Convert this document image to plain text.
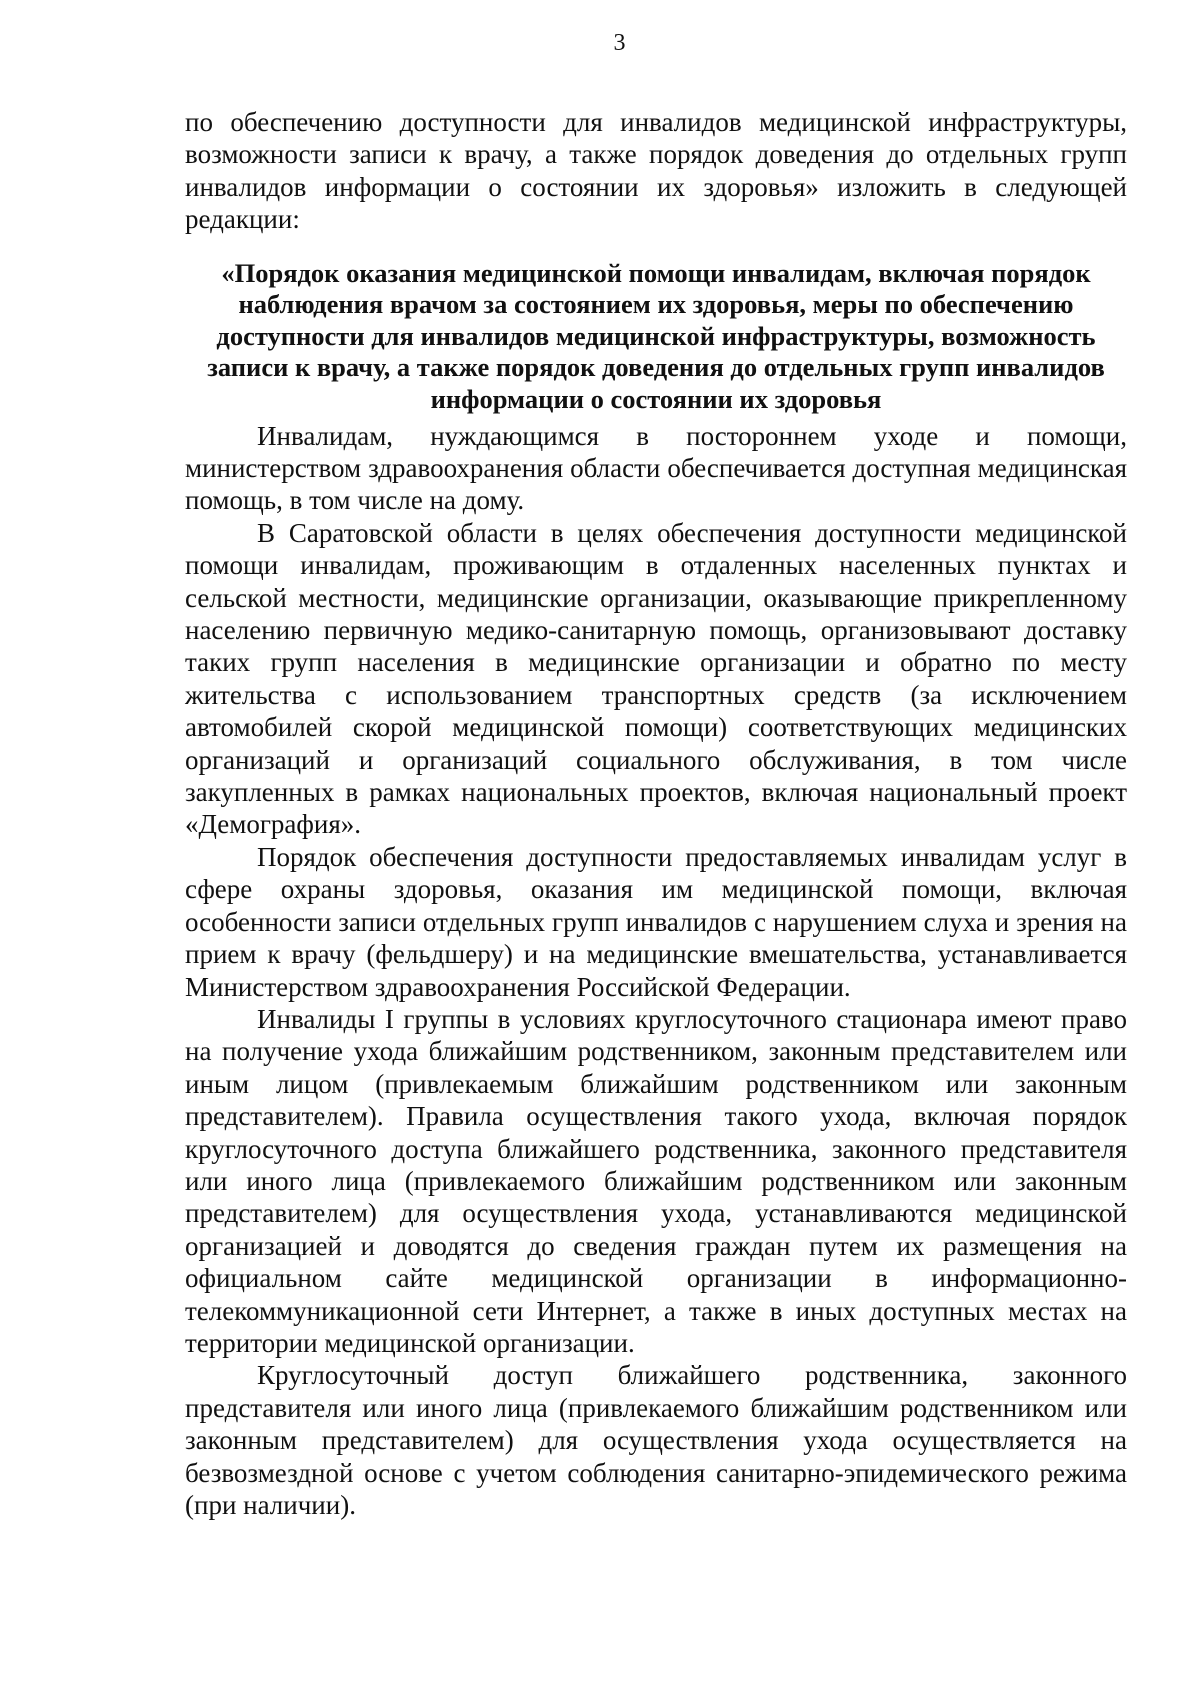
3

по обеспечению доступности для инвалидов медицинской инфраструктуры, возможности записи к врачу, а также порядок доведения до отдельных групп инвалидов информации о состоянии их здоровья» изложить в следующей редакции:

«Порядок оказания медицинской помощи инвалидам, включая порядок наблюдения врачом за состоянием их здоровья, меры по обеспечению доступности для инвалидов медицинской инфраструктуры, возможность записи к врачу, а также порядок доведения до отдельных групп инвалидов информации о состоянии их здоровья

Инвалидам, нуждающимся в постороннем уходе и помощи, министерством здравоохранения области обеспечивается доступная медицинская помощь, в том числе на дому.

В Саратовской области в целях обеспечения доступности медицинской помощи инвалидам, проживающим в отдаленных населенных пунктах и сельской местности, медицинские организации, оказывающие прикрепленному населению первичную медико-санитарную помощь, организовывают доставку таких групп населения в медицинские организации и обратно по месту жительства с использованием транспортных средств (за исключением автомобилей скорой медицинской помощи) соответствующих медицинских организаций и организаций социального обслуживания, в том числе закупленных в рамках национальных проектов, включая национальный проект «Демография».

Порядок обеспечения доступности предоставляемых инвалидам услуг в сфере охраны здоровья, оказания им медицинской помощи, включая особенности записи отдельных групп инвалидов с нарушением слуха и зрения на прием к врачу (фельдшеру) и на медицинские вмешательства, устанавливается Министерством здравоохранения Российской Федерации.

Инвалиды I группы в условиях круглосуточного стационара имеют право на получение ухода ближайшим родственником, законным представителем или иным лицом (привлекаемым ближайшим родственником или законным представителем). Правила осуществления такого ухода, включая порядок круглосуточного доступа ближайшего родственника, законного представителя или иного лица (привлекаемого ближайшим родственником или законным представителем) для осуществления ухода, устанавливаются медицинской организацией и доводятся до сведения граждан путем их размещения на официальном сайте медицинской организации в информационно-телекоммуникационной сети Интернет, а также в иных доступных местах на территории медицинской организации.

Круглосуточный доступ ближайшего родственника, законного представителя или иного лица (привлекаемого ближайшим родственником или законным представителем) для осуществления ухода осуществляется на безвозмездной основе с учетом соблюдения санитарно-эпидемического режима (при наличии).
